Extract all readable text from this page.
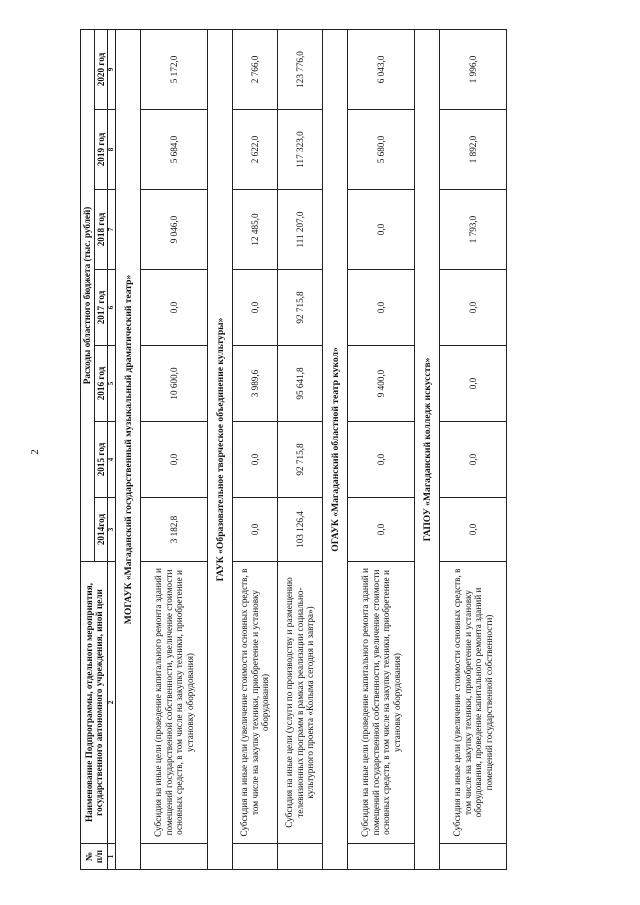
2
№ п/п	Наименование Подпрограммы, отдельного мероприятия, государственного автономного учреждения, иной цели	Расходы областного бюджета (тыс. рублей)						
		2014год	2015 год	2016 год	2017 год	2018 год	2019 год	2020 год
1	2	3	4	5	6	7	8	9
МОГАУК «Магаданский государственный музыкальный драматический театр»								
	Субсидия на иные цели (проведение капитального ремонта зданий и помещений государственной собственности, увеличение стоимости основных средств, в том числе на закупку техники, приобретение и установку оборудования)	3 182,8	0,0	10 600,0	0,0	9 046,0	5 684,0	5 172,0
ГАУК «Образовательное творческое объединение культуры»								
	Субсидия на иные цели (увеличение стоимости основных средств, в том числе на закупку техники, приобретение и установку оборудования)	0,0	0,0	3 989,6	0,0	12 485,0	2 622,0	2 766,0
	Субсидия на иные цели (услуги по производству и размещению телевизионных программ в рамках реализации социально-культурного проекта «Колыма сегодня и завтра»)	103 126,4	92 715,8	95 641,8	92 715,8	111 207,0	117 323,0	123 776,0
ОГАУК «Магаданский областной театр кукол»								
	Субсидия на иные цели (проведение капитального ремонта зданий и помещений государственной собственности, увеличение стоимости основных средств, в том числе на закупку техники, приобретение и установку оборудования)	0,0	0,0	9 400,0	0,0	0,0	5 680,0	6 043,0
ГАПОУ «Магаданский колледж искусств»								
	Субсидия на иные цели (увеличение стоимости основных средств, в том числе на закупку техники, приобретение и установку оборудования, проведение капитального ремонта зданий и помещений государственной собственности)	0,0	0,0	0,0	0,0	1 793,0	1 892,0	1 996,0
